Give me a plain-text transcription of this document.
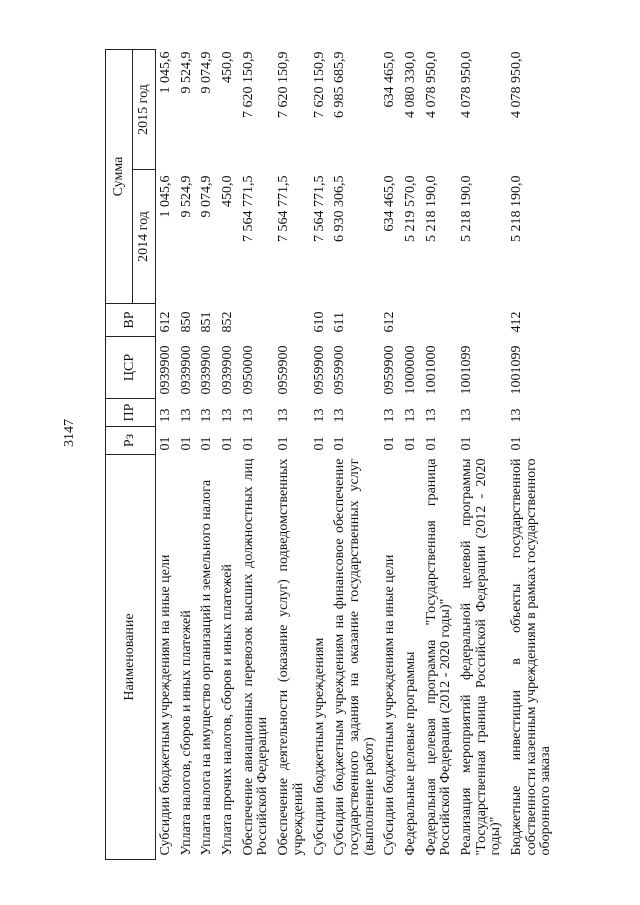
3147
Наименование	Рз	ПР	ЦСР	ВР	Сумма	
					2014 год	2015 год
Субсидии бюджетным учреждениям на иные цели	01	13	0939900	612	1 045,6	1 045,6
Уплата налогов, сборов и иных платежей	01	13	0939900	850	9 524,9	9 524,9
Уплата налога на имущество организаций и земельного налога	01	13	0939900	851	9 074,9	9 074,9
Уплата прочих налогов, сборов и иных платежей	01	13	0939900	852	450,0	450,0
Обеспечение авиационных перевозок высших должностных лиц Российской Федерации	01	13	0950000		7 564 771,5	7 620 150,9
Обеспечение деятельности (оказание услуг) подведомственных учреждений	01	13	0959900		7 564 771,5	7 620 150,9
Субсидии бюджетным учреждениям	01	13	0959900	610	7 564 771,5	7 620 150,9
Субсидии бюджетным учреждениям на финансовое обеспечение государственного задания на оказание государственных услуг (выполнение работ)	01	13	0959900	611	6 930 306,5	6 985 685,9
Субсидии бюджетным учреждениям на иные цели	01	13	0959900	612	634 465,0	634 465,0
Федеральные целевые программы	01	13	1000000		5 219 570,0	4 080 330,0
Федеральная целевая программа "Государственная граница Российской Федерации (2012 - 2020 годы)"	01	13	1001000		5 218 190,0	4 078 950,0
Реализация мероприятий федеральной целевой программы "Государственная граница Российской Федерации (2012 - 2020 годы)"	01	13	1001099		5 218 190,0	4 078 950,0
Бюджетные инвестиции в объекты государственной собственности казенным учреждениям в рамках государственного оборонного заказа	01	13	1001099	412	5 218 190,0	4 078 950,0
